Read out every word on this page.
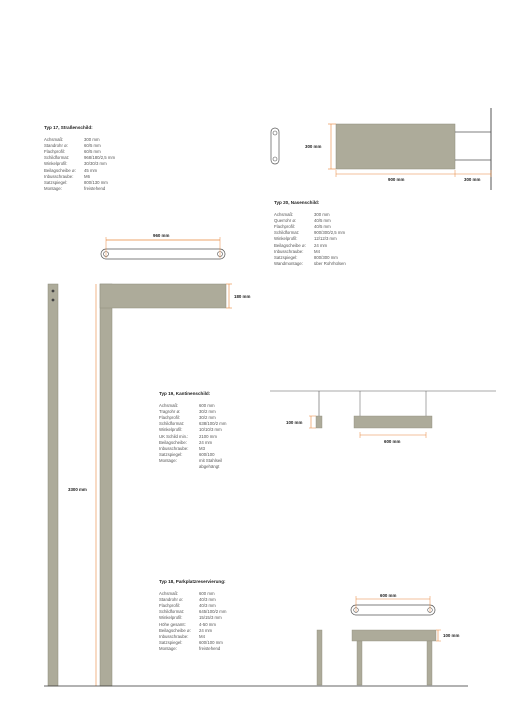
Typ 17, Straßenschild:
Achsmaß:	300 mm
Standrohr ø:	60/5 mm
Flachprofil:	60/5 mm
Schildformat:	968/180/2,5 mm
Winkelprofil:	30/30/3 mm
Beilagscheibe ø:	45 mm
Inbusschraube:	M6
Satzspiegel:	800/130 mm
Montage:	freistehend
Typ 20, Nasenschild:
Achsmaß:	300 mm
Querrohr ø:	40/5 mm
Flachprofil:	40/5 mm
Schildformat:	900/300/2,5 mm
Winkelprofil:	12/12/3 mm
Beilagscheibe ø:	24 mm
Inbusschraube:	M4
Satzspiegel:	800/300 mm
Wandmontage:	über Rohrhülsen
Typ 19, Kantinenschild:
Achsmaß:	600 mm
Tragrohr ø:	30/2 mm
Flachprofil:	30/2 mm
Schildformat:	638/100/2 mm
Winkelprofil:	10/10/3 mm
UK Schild min.:	2100 mm
Beilagscheibe:	24 mm
Inbusschraube:	M3
Satzspiegel:	600/100
Montage:	mit Stahlseil
abgehängt
Typ 18, Parkplatzreservierung:
Achsmaß:	600 mm
Standrohr ø:	40/3 mm
Flachprofil:	40/3 mm
Schildformat:	645/100/2 mm
Winkelprofil:	15/15/3 mm
Höhe gesamt:	4-50 mm
Beilagscheibe ø:	24 mm
Inbusschraube:	M4
Satzspiegel:	600/100 mm
Montage:	freistehend
960 mm
180 mm
3300 mm
300 mm
900 mm	300 mm
100 mm
600 mm
600 mm
100 mm
